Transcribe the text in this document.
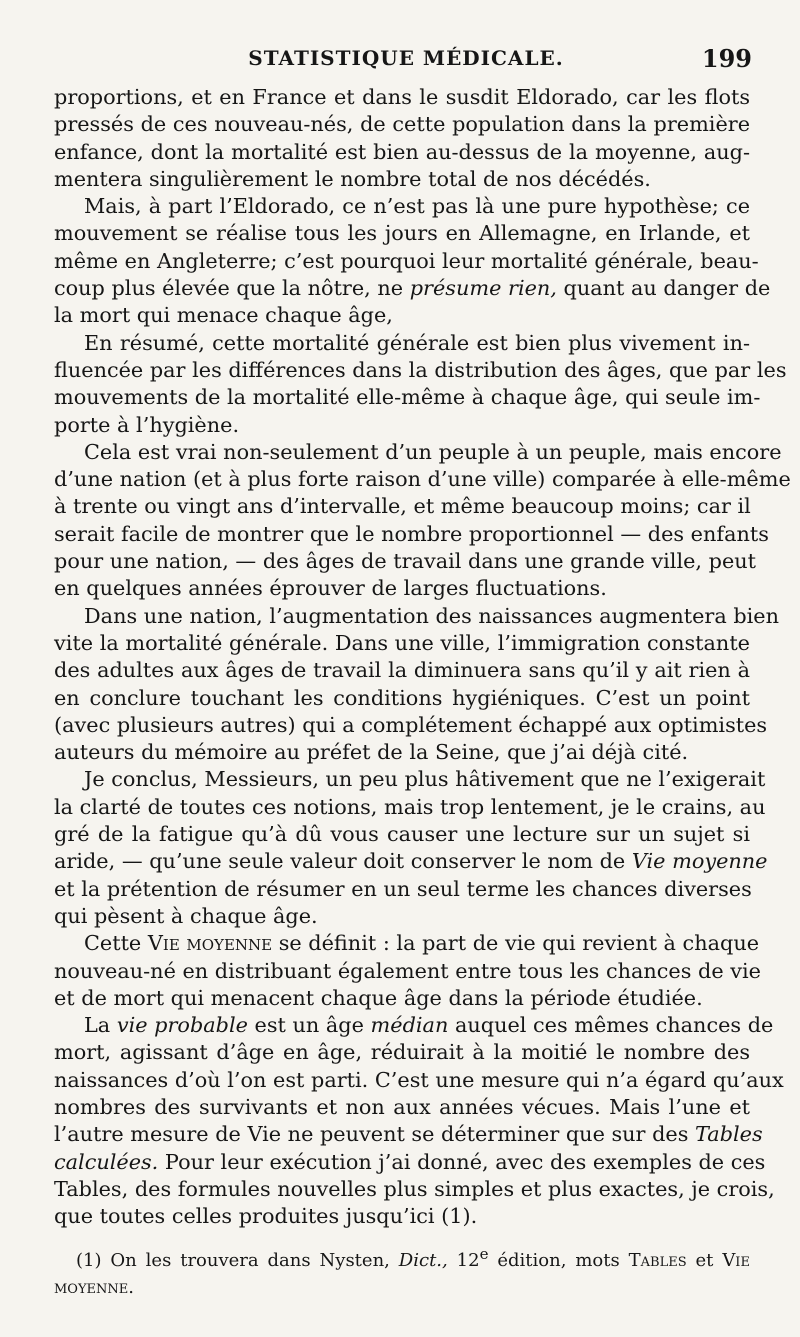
STATISTIQUE MÉDICALE.	199
proportions, et en France et dans le susdit Eldorado, car les flots
pressés de ces nouveau-nés, de cette population dans la première
enfance, dont la mortalité est bien au-dessus de la moyenne, aug-
mentera singulièrement le nombre total de nos décédés.
Mais, à part l’Eldorado, ce n’est pas là une pure hypothèse; ce
mouvement se réalise tous les jours en Allemagne, en Irlande, et
même en Angleterre; c’est pourquoi leur mortalité générale, beau-
coup plus élevée que la nôtre, ne présume rien, quant au danger de
la mort qui menace chaque âge,
En résumé, cette mortalité générale est bien plus vivement in-
fluencée par les différences dans la distribution des âges, que par les
mouvements de la mortalité elle-même à chaque âge, qui seule im-
porte à l’hygiène.
Cela est vrai non-seulement d’un peuple à un peuple, mais encore
d’une nation (et à plus forte raison d’une ville) comparée à elle-même
à trente ou vingt ans d’intervalle, et même beaucoup moins; car il
serait facile de montrer que le nombre proportionnel — des enfants
pour une nation, — des âges de travail dans une grande ville, peut
en quelques années éprouver de larges fluctuations.
Dans une nation, l’augmentation des naissances augmentera bien
vite la mortalité générale. Dans une ville, l’immigration constante
des adultes aux âges de travail la diminuera sans qu’il y ait rien à
en conclure touchant les conditions hygiéniques. C’est un point
(avec plusieurs autres) qui a complétement échappé aux optimistes
auteurs du mémoire au préfet de la Seine, que j’ai déjà cité.
Je conclus, Messieurs, un peu plus hâtivement que ne l’exigerait
la clarté de toutes ces notions, mais trop lentement, je le crains, au
gré de la fatigue qu’à dû vous causer une lecture sur un sujet si
aride, — qu’une seule valeur doit conserver le nom de Vie moyenne
et la prétention de résumer en un seul terme les chances diverses
qui pèsent à chaque âge.
Cette Vie moyenne se définit : la part de vie qui revient à chaque
nouveau-né en distribuant également entre tous les chances de vie
et de mort qui menacent chaque âge dans la période étudiée.
La vie probable est un âge médian auquel ces mêmes chances de
mort, agissant d’âge en âge, réduirait à la moitié le nombre des
naissances d’où l’on est parti. C’est une mesure qui n’a égard qu’aux
nombres des survivants et non aux années vécues. Mais l’une et
l’autre mesure de Vie ne peuvent se déterminer que sur des Tables
calculées. Pour leur exécution j’ai donné, avec des exemples de ces
Tables, des formules nouvelles plus simples et plus exactes, je crois,
que toutes celles produites jusqu’ici (1).
(1) On les trouvera dans Nysten, Dict., 12e édition, mots Tables et Vie
moyenne.
